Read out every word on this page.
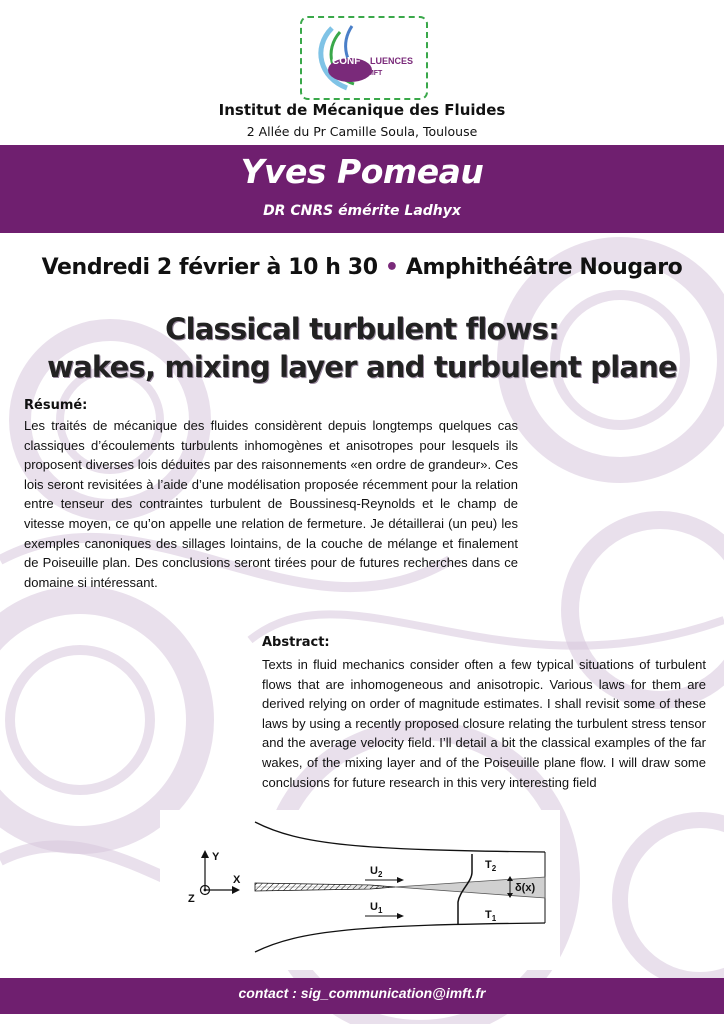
CONF LUENCES
IMFT
Institut de Mécanique des Fluides
2 Allée du Pr Camille Soula, Toulouse
Yves Pomeau
DR CNRS émérite Ladhyx
Vendredi 2 février à 10 h 30 • Amphithéâtre Nougaro
Classical turbulent flows:
wakes, mixing layer and turbulent plane
Résumé:
Les traités de mécanique des fluides considèrent depuis longtemps quelques cas classiques d’écoulements turbulents inhomogènes et anisotropes pour lesquels ils proposent diverses lois déduites par des raisonnements «en ordre de grandeur». Ces lois seront revisitées à l’aide d’une modélisation proposée récemment pour la relation entre tenseur des contraintes turbulent de Boussinesq-Reynolds et le champ de vitesse moyen, ce qu’on appelle une relation de fermeture. Je détaillerai (un peu) les exemples canoniques des sillages lointains, de la couche de mélange et finalement de Poiseuille plan. Des conclusions seront tirées pour de futures recherches dans ce domaine si intéressant.
Abstract:
Texts in fluid mechanics consider often a few typical situations of turbulent flows that are inhomogeneous and anisotropic. Various laws for them are derived relying on order of magnitude estimates. I shall revisit some of these laws by using a recently proposed closure relating the turbulent stress tensor and the average velocity field. I’ll detail a bit the classical examples of the far wakes, of the mixing layer and of the Poiseuille plane flow. I will draw some conclusions for future research in this very interesting field
Y
X
Z
$U_2$
$U_1$
$T_2$
$T_1$
δ(x)
contact : sig_communication@imft.fr
